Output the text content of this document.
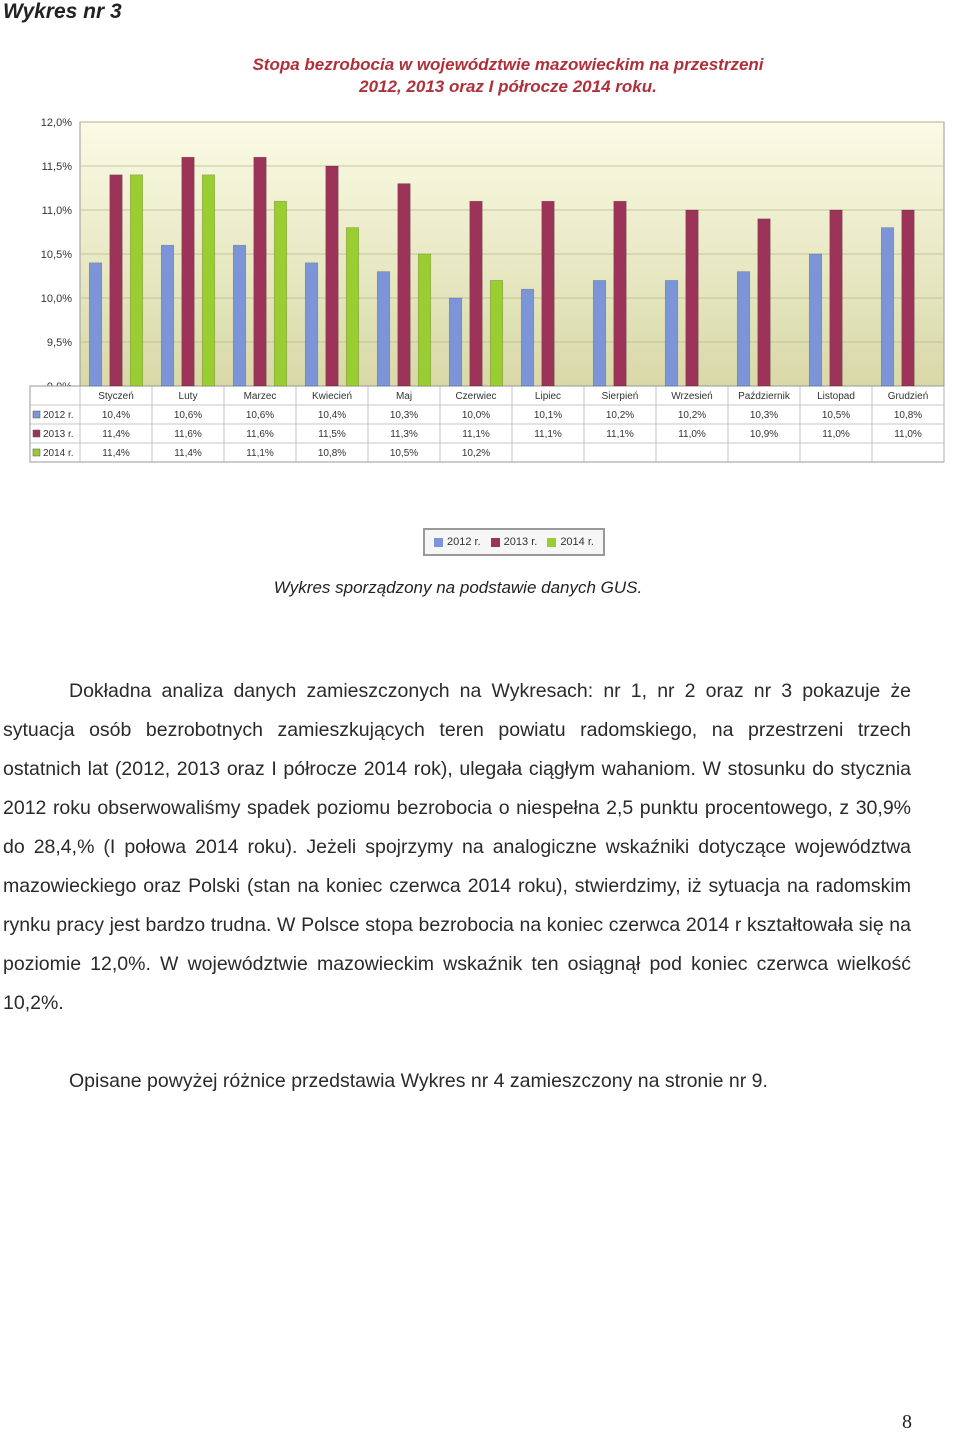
Wykres nr 3
Stopa bezrobocia w województwie mazowieckim na przestrzeni
2012, 2013 oraz I półrocze 2014 roku.
12,0%
11,5%
11,0%
10,5%
10,0%
9,5%
Styczeń	Luty	Marzec	Kwiecień	Maj	Czerwiec	Lipiec	Sierpień	Wrzesień	Październik	Listopad	Grudzień
2012 r.	10,4%	10,6%	10,6%	10,4%	10,3%	10,0%	10,1%	10,2%	10,2%	10,3%	10,5%	10,8%
2013 r.	11,4%	11,6%	11,6%	11,5%	11,3%	11,1%	11,1%	11,1%	11,0%	10,9%	11,0%	11,0%
2014 r.	11,4%	11,4%	11,1%	10,8%	10,5%	10,2%
2012 r. 2013 r. 2014 r.
Wykres sporządzony na podstawie danych GUS.
Dokładna analiza danych zamieszczonych na Wykresach: nr 1, nr 2 oraz nr 3 pokazuje że sytuacja osób bezrobotnych zamieszkujących teren powiatu radomskiego, na przestrzeni trzech ostatnich lat (2012, 2013 oraz I półrocze 2014 rok), ulegała ciągłym wahaniom. W stosunku do stycznia 2012 roku obserwowaliśmy spadek poziomu bezrobocia o niespełna 2,5 punktu procentowego, z 30,9% do 28,4,% (I połowa 2014 roku). Jeżeli spojrzymy na analogiczne wskaźniki dotyczące województwa mazowieckiego oraz Polski (stan na koniec czerwca 2014 roku), stwierdzimy, iż sytuacja na radomskim rynku pracy jest bardzo trudna. W Polsce stopa bezrobocia na koniec czerwca 2014 r kształtowała się na poziomie 12,0%. W województwie mazowieckim wskaźnik ten osiągnął pod koniec czerwca wielkość 10,2%.
Opisane powyżej różnice przedstawia Wykres nr 4 zamieszczony na stronie nr 9.
8
